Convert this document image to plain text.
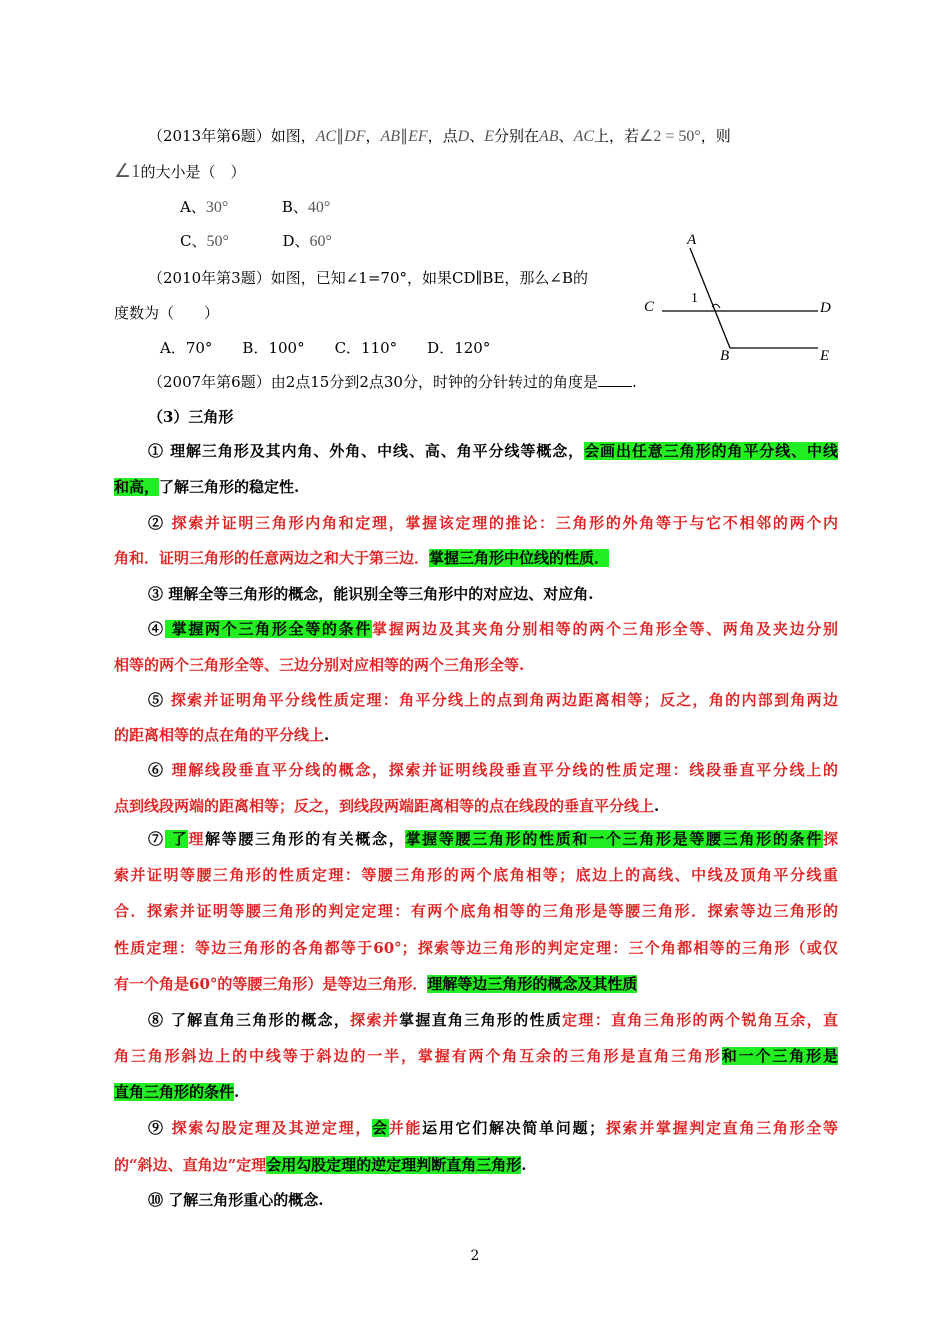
（2013年第6题）如图，AC∥DF，AB∥EF，点D、E分别在AB、AC上，若∠2 = 50°，则
∠1的大小是（　）
A、30°	B、40°
C、50°	D、60°
（2010年第3题）如图，已知∠1=70°，如果CD∥BE，那么∠B的
度数为（　　）
A．70°　　B．100°　　C．110°　　D．120°
A
C
1
D
B	E
（2007年第6题）由2点15分到2点30分，时钟的分针转过的角度是 .
（3）三角形
① 理解三角形及其内角、外角、中线、高、角平分线等概念，会画出任意三角形的角平分线、中线
和高，了解三角形的稳定性.
② 探索并证明三角形内角和定理，掌握该定理的推论：三角形的外角等于与它不相邻的两个内
角和．证明三角形的任意两边之和大于第三边．掌握三角形中位线的性质．
③ 理解全等三角形的概念，能识别全等三角形中的对应边、对应角.
④ 掌握两个三角形全等的条件掌握两边及其夹角分别相等的两个三角形全等、两角及夹边分别
相等的两个三角形全等、三边分别对应相等的两个三角形全等.
⑤ 探索并证明角平分线性质定理：角平分线上的点到角两边距离相等；反之，角的内部到角两边
的距离相等的点在角的平分线上.
⑥ 理解线段垂直平分线的概念，探索并证明线段垂直平分线的性质定理：线段垂直平分线上的
点到线段两端的距离相等；反之，到线段两端距离相等的点在线段的垂直平分线上.
⑦ 了理解等腰三角形的有关概念，掌握等腰三角形的性质和一个三角形是等腰三角形的条件探
索并证明等腰三角形的性质定理：等腰三角形的两个底角相等；底边上的高线、中线及顶角平分线重
合．探索并证明等腰三角形的判定定理：有两个底角相等的三角形是等腰三角形．探索等边三角形的
性质定理：等边三角形的各角都等于60°；探索等边三角形的判定定理：三个角都相等的三角形（或仅
有一个角是60°的等腰三角形）是等边三角形．理解等边三角形的概念及其性质
⑧ 了解直角三角形的概念，探索并掌握直角三角形的性质定理：直角三角形的两个锐角互余，直
角三角形斜边上的中线等于斜边的一半，掌握有两个角互余的三角形是直角三角形和一个三角形是
直角三角形的条件.
⑨ 探索勾股定理及其逆定理，会并能运用它们解决简单问题；探索并掌握判定直角三角形全等
的“斜边、直角边”定理会用勾股定理的逆定理判断直角三角形.
⑩ 了解三角形重心的概念.
2
